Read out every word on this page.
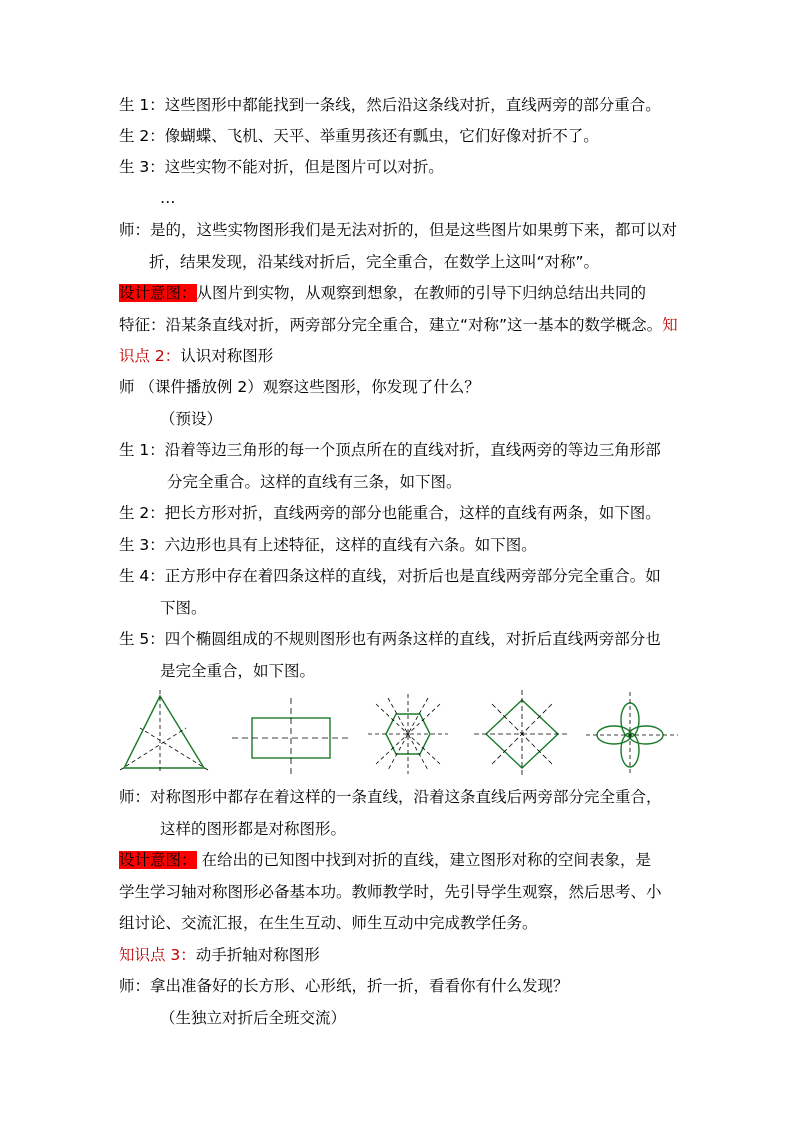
生 1：这些图形中都能找到一条线，然后沿这条线对折，直线两旁的部分重合。
生 2：像蝴蝶、飞机、天平、举重男孩还有瓢虫，它们好像对折不了。
生 3：这些实物不能对折，但是图片可以对折。
…
师：是的，这些实物图形我们是无法对折的，但是这些图片如果剪下来，都可以对
折，结果发现，沿某线对折后，完全重合，在数学上这叫“对称”。
设计意图：从图片到实物，从观察到想象，在教师的引导下归纳总结出共同的
特征：沿某条直线对折，两旁部分完全重合，建立“对称”这一基本的数学概念。知
识点 2：认识对称图形
师 （课件播放例 2）观察这些图形，你发现了什么？
（预设）
生 1：沿着等边三角形的每一个顶点所在的直线对折，直线两旁的等边三角形部
分完全重合。这样的直线有三条，如下图。
生 2：把长方形对折，直线两旁的部分也能重合，这样的直线有两条，如下图。
生 3：六边形也具有上述特征，这样的直线有六条。如下图。
生 4：正方形中存在着四条这样的直线，对折后也是直线两旁部分完全重合。如
下图。
生 5：四个椭圆组成的不规则图形也有两条这样的直线，对折后直线两旁部分也
是完全重合，如下图。
师：对称图形中都存在着这样的一条直线，沿着这条直线后两旁部分完全重合，
这样的图形都是对称图形。
设计意图： 在给出的已知图中找到对折的直线，建立图形对称的空间表象，是
学生学习轴对称图形必备基本功。教师教学时，先引导学生观察，然后思考、小
组讨论、交流汇报，在生生互动、师生互动中完成教学任务。
知识点 3：动手折轴对称图形
师：拿出准备好的长方形、心形纸，折一折，看看你有什么发现？
（生独立对折后全班交流）
